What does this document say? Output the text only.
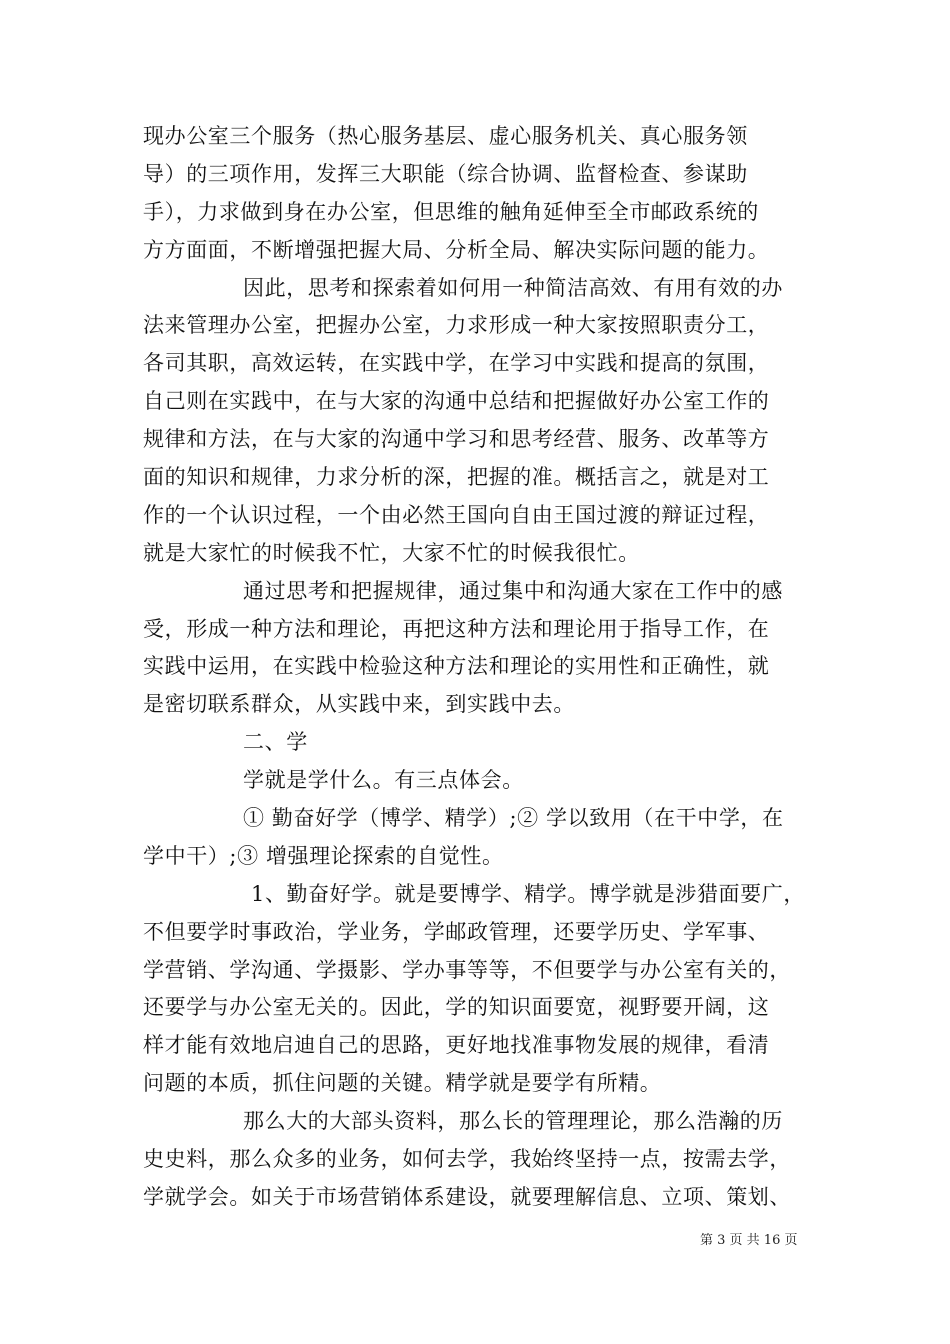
现办公室三个服务（热心服务基层、虚心服务机关、真心服务领
导）的三项作用，发挥三大职能（综合协调、监督检查、参谋助
手），力求做到身在办公室，但思维的触角延伸至全市邮政系统的
方方面面，不断增强把握大局、分析全局、解决实际问题的能力。
因此，思考和探索着如何用一种简洁高效、有用有效的办
法来管理办公室，把握办公室，力求形成一种大家按照职责分工，
各司其职，高效运转，在实践中学，在学习中实践和提高的氛围，
自己则在实践中，在与大家的沟通中总结和把握做好办公室工作的
规律和方法，在与大家的沟通中学习和思考经营、服务、改革等方
面的知识和规律，力求分析的深，把握的准。概括言之，就是对工
作的一个认识过程，一个由必然王国向自由王国过渡的辩证过程，
就是大家忙的时候我不忙，大家不忙的时候我很忙。
通过思考和把握规律，通过集中和沟通大家在工作中的感
受，形成一种方法和理论，再把这种方法和理论用于指导工作，在
实践中运用，在实践中检验这种方法和理论的实用性和正确性，就
是密切联系群众，从实践中来，到实践中去。
二、学
学就是学什么。有三点体会。
① 勤奋好学（博学、精学）;② 学以致用（在干中学，在
学中干）;③ 增强理论探索的自觉性。
1、勤奋好学。就是要博学、精学。博学就是涉猎面要广，
不但要学时事政治，学业务，学邮政管理，还要学历史、学军事、
学营销、学沟通、学摄影、学办事等等，不但要学与办公室有关的，
还要学与办公室无关的。因此，学的知识面要宽，视野要开阔，这
样才能有效地启迪自己的思路，更好地找准事物发展的规律，看清
问题的本质，抓住问题的关键。精学就是要学有所精。
那么大的大部头资料，那么长的管理理论，那么浩瀚的历
史史料，那么众多的业务，如何去学，我始终坚持一点，按需去学，
学就学会。如关于市场营销体系建设，就要理解信息、立项、策划、
第 3 页 共 16 页
